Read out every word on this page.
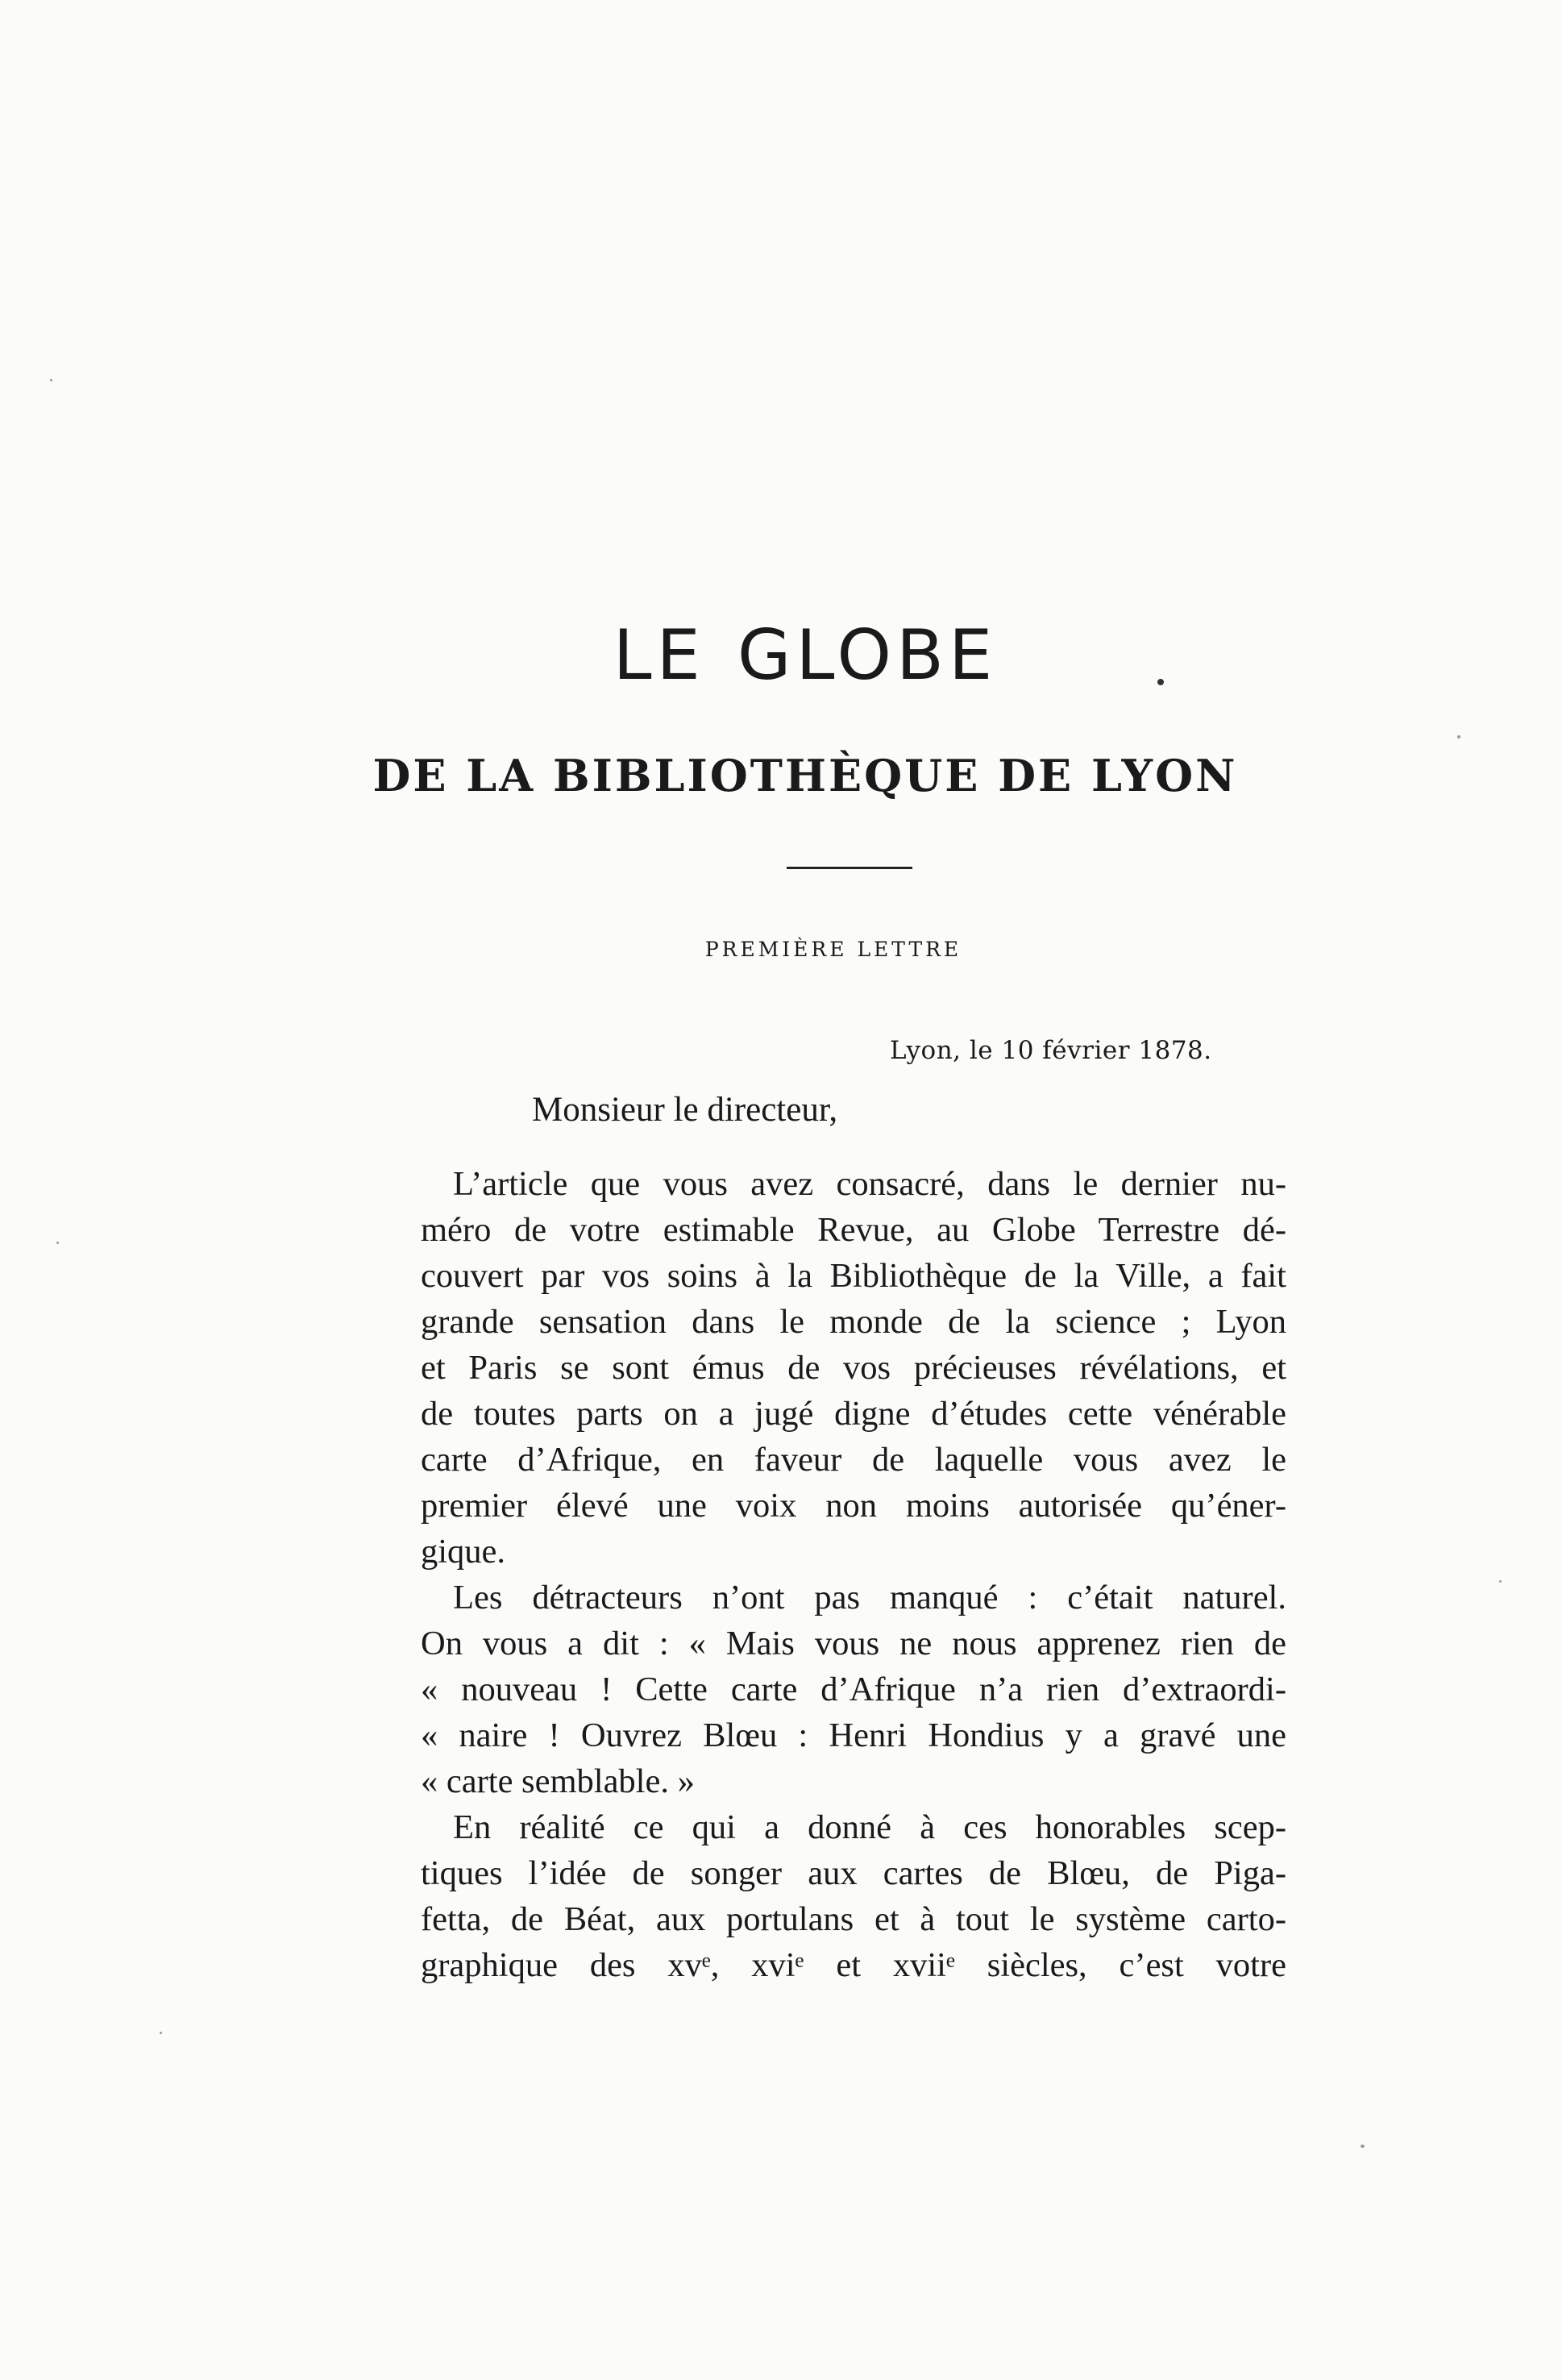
LE GLOBE
DE LA BIBLIOTHÈQUE DE LYON
PREMIÈRE LETTRE
Lyon, le 10 février 1878.
Monsieur le directeur,
L’article que vous avez consacré, dans le dernier nu-
méro de votre estimable Revue, au Globe Terrestre dé-
couvert par vos soins à la Bibliothèque de la Ville, a fait
grande sensation dans le monde de la science ; Lyon
et Paris se sont émus de vos précieuses révélations, et
de toutes parts on a jugé digne d’études cette vénérable
carte d’Afrique, en faveur de laquelle vous avez le
premier élevé une voix non moins autorisée qu’éner-
gique.
Les détracteurs n’ont pas manqué : c’était naturel.
On vous a dit : « Mais vous ne nous apprenez rien de
« nouveau ! Cette carte d’Afrique n’a rien d’extraordi-
« naire ! Ouvrez Blœu : Henri Hondius y a gravé une
« carte semblable. »
En réalité ce qui a donné à ces honorables scep-
tiques l’idée de songer aux cartes de Blœu, de Piga-
fetta, de Béat, aux portulans et à tout le système carto-
graphique des xvᵉ, xviᵉ et xviiᵉ siècles, c’est votre
